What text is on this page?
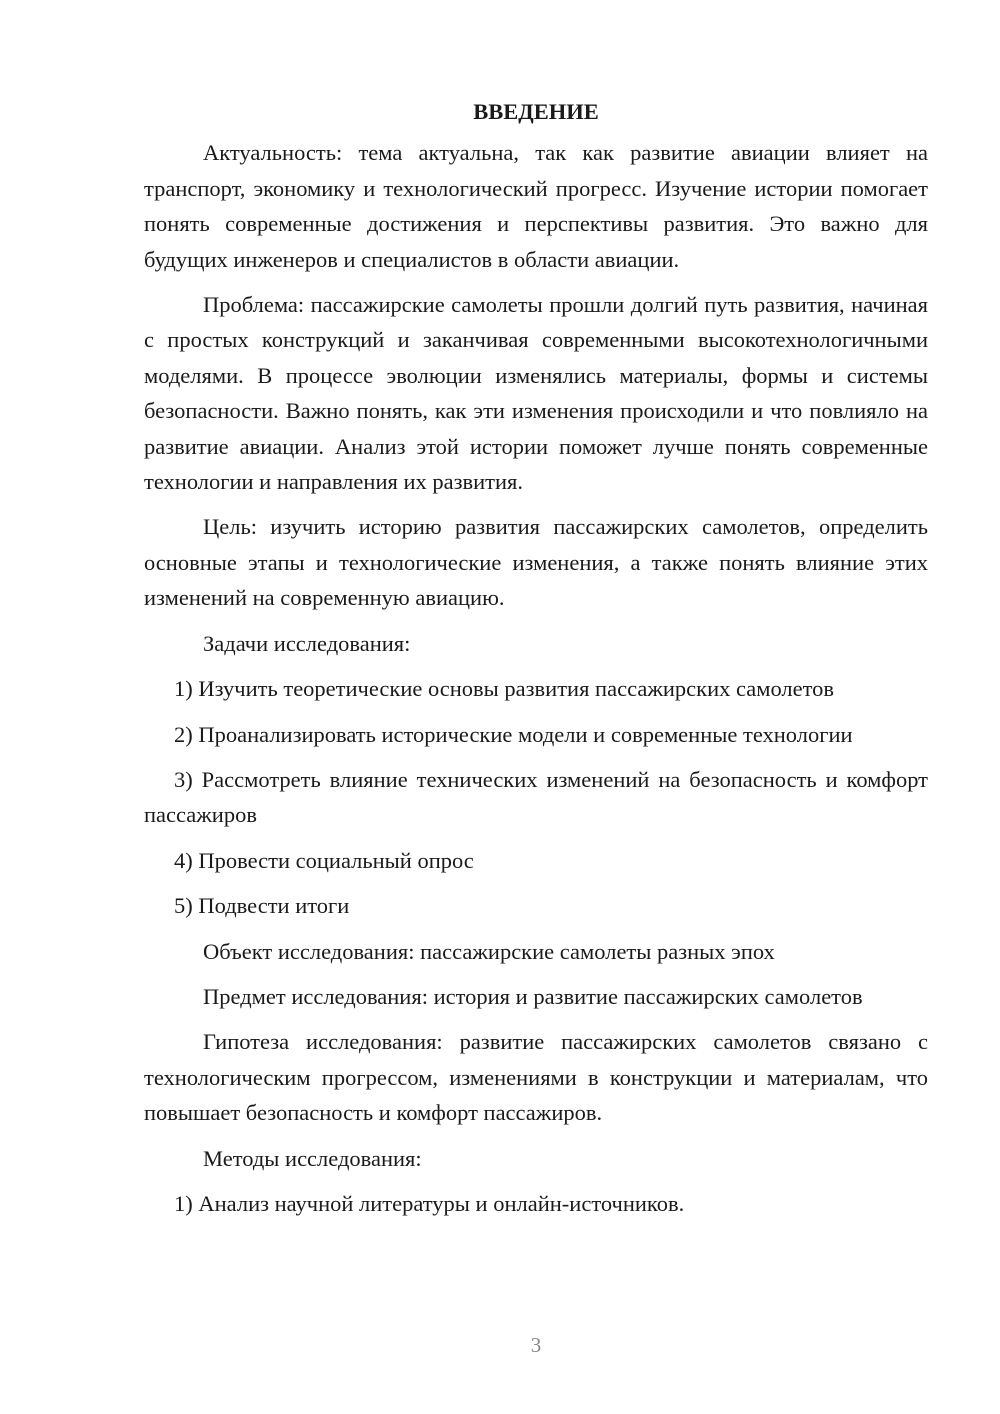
ВВЕДЕНИЕ

Актуальность: тема актуальна, так как развитие авиации влияет на транспорт, экономику и технологический прогресс. Изучение истории помогает понять современные достижения и перспективы развития. Это важно для будущих инженеров и специалистов в области авиации.

Проблема: пассажирские самолеты прошли долгий путь развития, начиная с простых конструкций и заканчивая современными высокотехнологичными моделями. В процессе эволюции изменялись материалы, формы и системы безопасности. Важно понять, как эти изменения происходили и что повлияло на развитие авиации. Анализ этой истории поможет лучше понять современные технологии и направления их развития.

Цель: изучить историю развития пассажирских самолетов, определить основные этапы и технологические изменения, а также понять влияние этих изменений на современную авиацию.

Задачи исследования:

1) Изучить теоретические основы развития пассажирских самолетов

2) Проанализировать исторические модели и современные технологии

3) Рассмотреть влияние технических изменений на безопасность и комфорт пассажиров

4) Провести социальный опрос

5) Подвести итоги

Объект исследования: пассажирские самолеты разных эпох

Предмет исследования: история и развитие пассажирских самолетов

Гипотеза исследования: развитие пассажирских самолетов связано с технологическим прогрессом, изменениями в конструкции и материалам, что повышает безопасность и комфорт пассажиров.

Методы исследования:

1) Анализ научной литературы и онлайн-источников.

3
